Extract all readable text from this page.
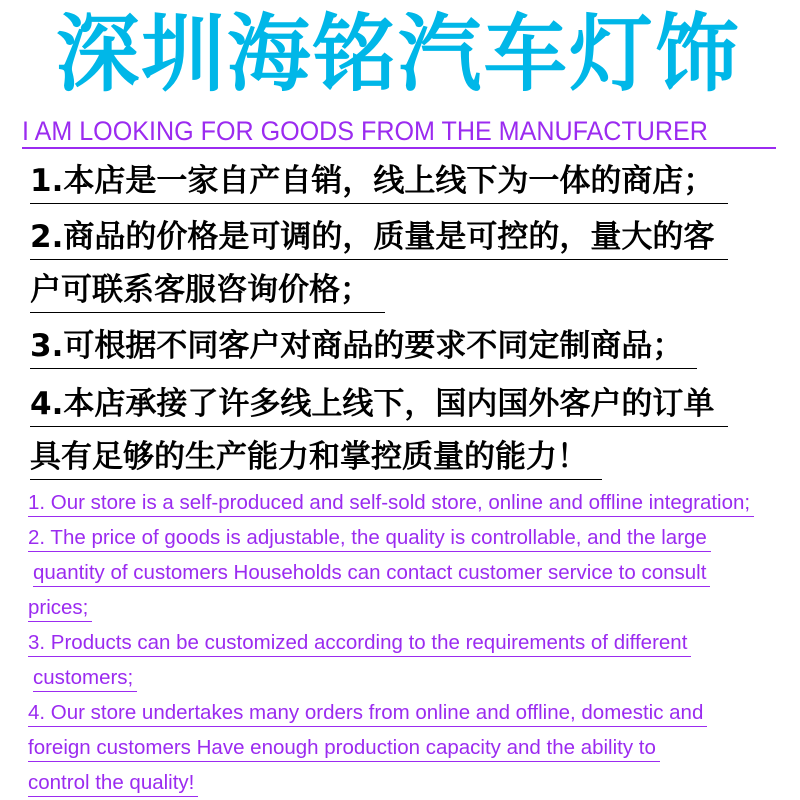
深圳海铭汽车灯饰
I AM LOOKING FOR GOODS FROM THE MANUFACTURER
1.本店是一家自产自销，线上线下为一体的商店；
2.商品的价格是可调的，质量是可控的，量大的客
户可联系客服咨询价格；
3.可根据不同客户对商品的要求不同定制商品；
4.本店承接了许多线上线下，国内国外客户的订单
具有足够的生产能力和掌控质量的能力！
1. Our store is a self-produced and self-sold store, online and offline integration;
2. The price of goods is adjustable, the quality is controllable, and the large
quantity of customers Households can contact customer service to consult
prices;
3. Products can be customized according to the requirements of different
customers;
4. Our store undertakes many orders from online and offline, domestic and
foreign customers Have enough production capacity and the ability to
control the quality!
